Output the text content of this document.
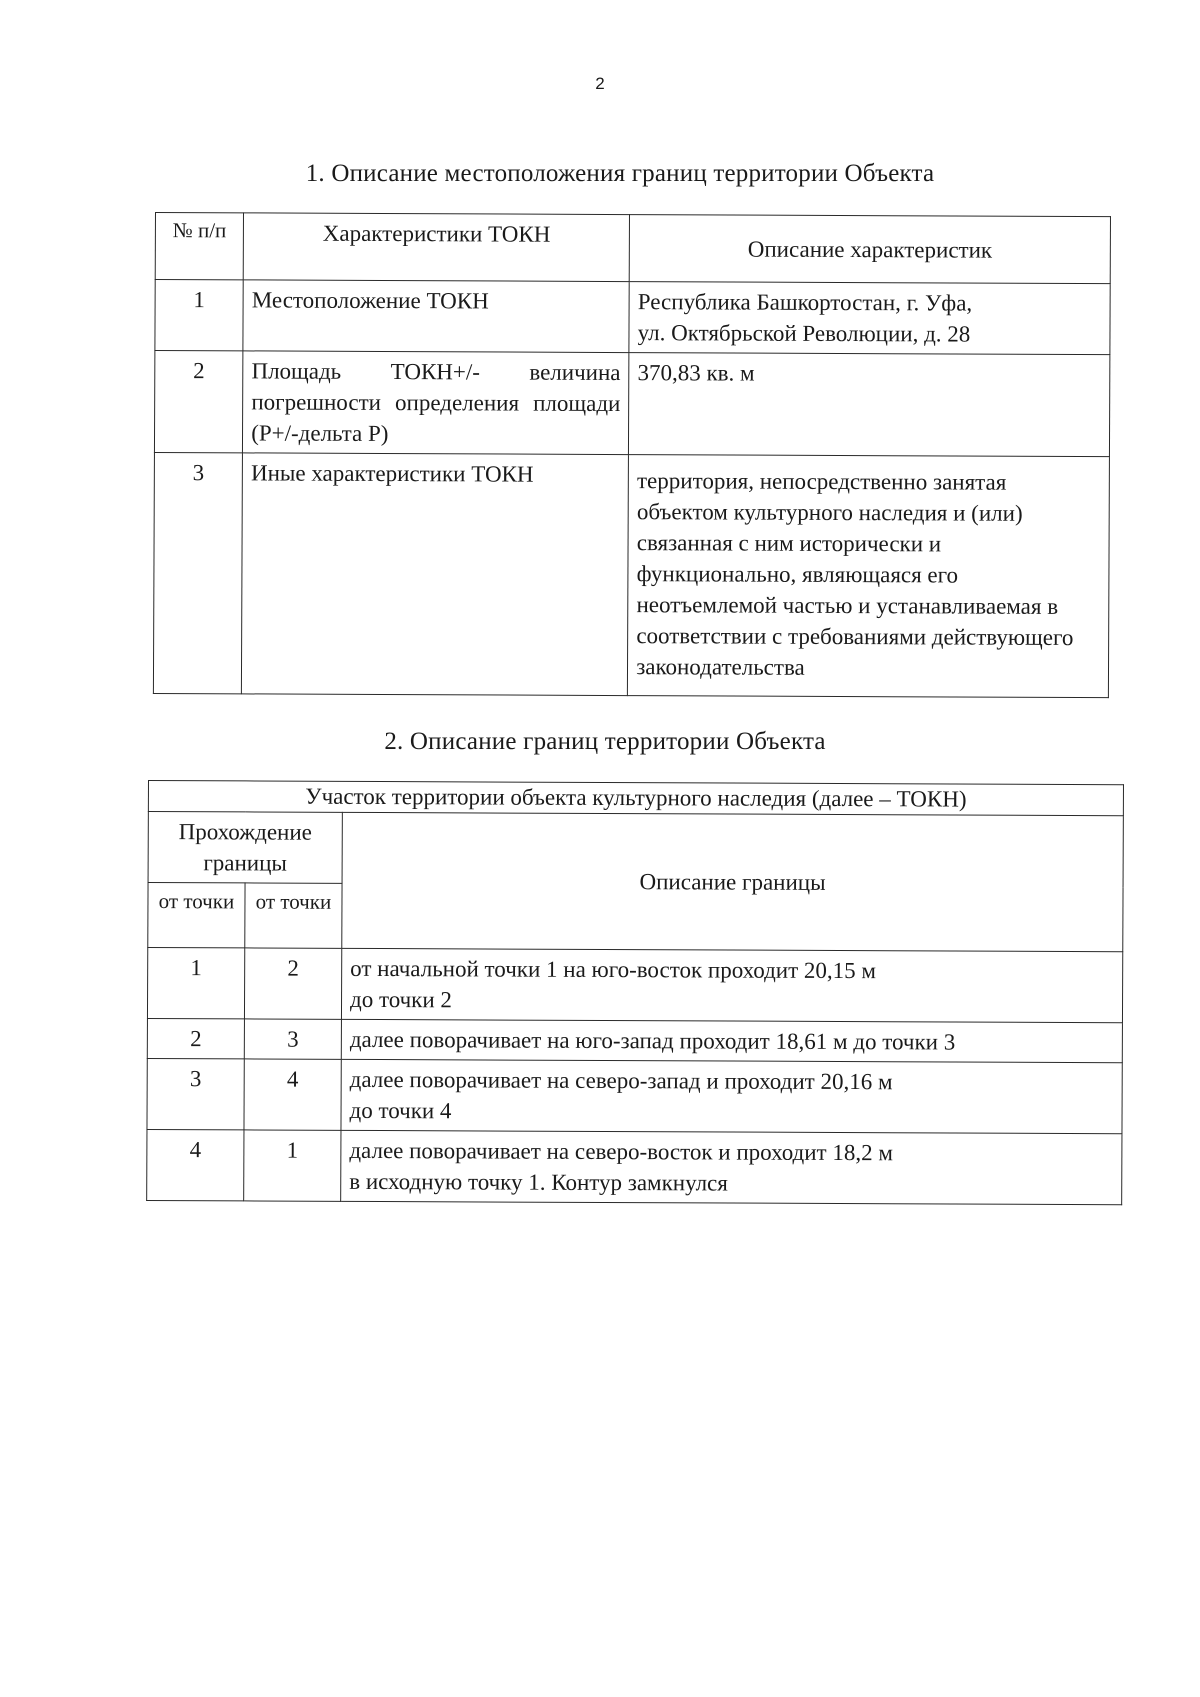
2
1. Описание местоположения границ территории Объекта
№ п/п	Характеристики ТОКН	Описание характеристик
1	Местоположение ТОКН	Республика Башкортостан, г. Уфа,
ул. Октябрьской Революции, д. 28

2	Площадь ТОКН+/- величина погрешности определения площади (P+/-дельта P)	370,83 кв. м
3	Иные характеристики ТОКН	территория, непосредственно занятая объектом культурного наследия и (или) связанная с ним исторически и функционально, являющаяся его неотъемлемой частью и устанавливаемая в соответствии с требованиями действующего законодательства
2. Описание границ территории Объекта
Участок территории объекта культурного наследия (далее – ТОКН)		
Прохождение границы		Описание границы
от точки	от точки	
1	2	от начальной точки 1 на юго-восток проходит 20,15 м
до точки 2

2	3	далее поворачивает на юго-запад проходит 18,61 м до точки 3

3	4	далее поворачивает на северо-запад и проходит 20,16 м
до точки 4

4	1	далее поворачивает на северо-восток и проходит 18,2 м
в исходную точку 1. Контур замкнулся
